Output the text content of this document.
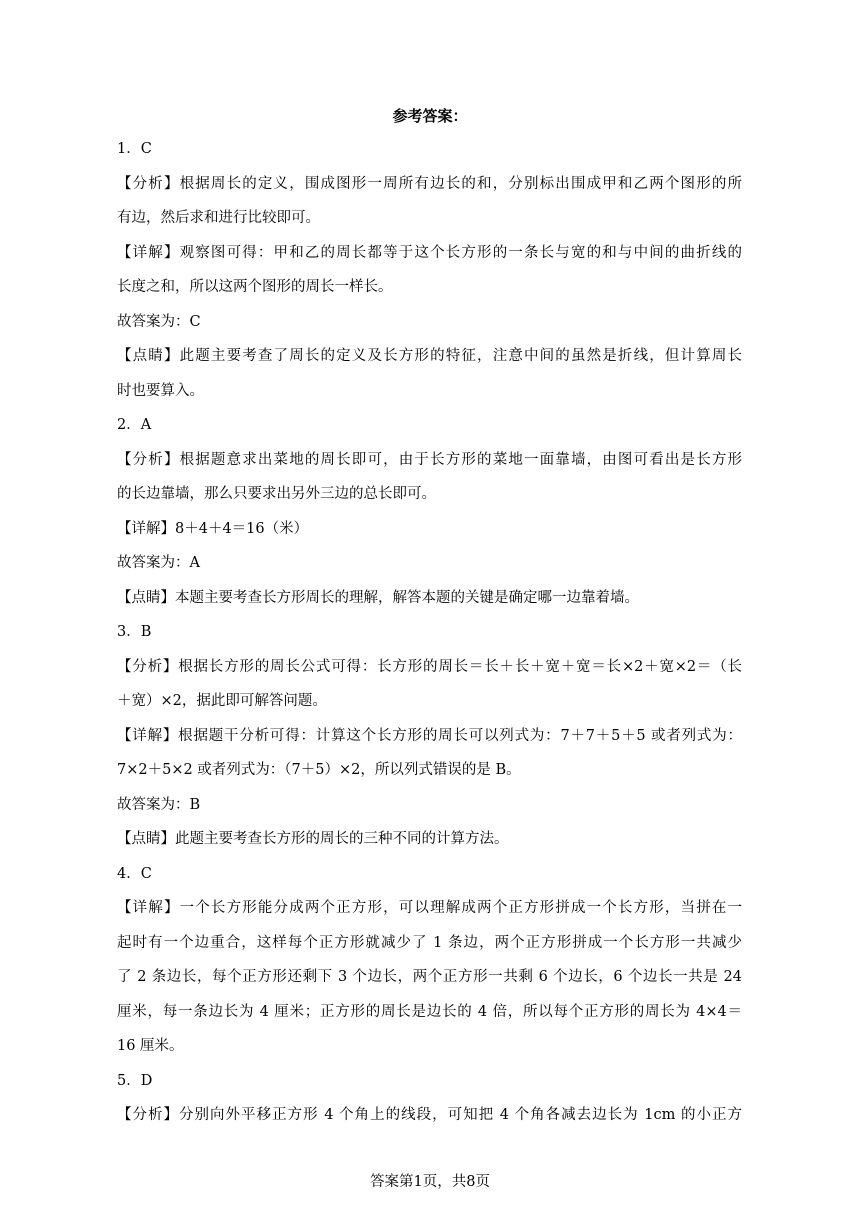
参考答案：
1．C
【分析】根据周长的定义，围成图形一周所有边长的和，分别标出围成甲和乙两个图形的所
有边，然后求和进行比较即可。
【详解】观察图可得：甲和乙的周长都等于这个长方形的一条长与宽的和与中间的曲折线的
长度之和，所以这两个图形的周长一样长。
故答案为：C
【点睛】此题主要考查了周长的定义及长方形的特征，注意中间的虽然是折线，但计算周长
时也要算入。
2．A
【分析】根据题意求出菜地的周长即可，由于长方形的菜地一面靠墙，由图可看出是长方形
的长边靠墙，那么只要求出另外三边的总长即可。
【详解】8＋4＋4＝16（米）
故答案为：A
【点睛】本题主要考查长方形周长的理解，解答本题的关键是确定哪一边靠着墙。
3．B
【分析】根据长方形的周长公式可得：长方形的周长＝长＋长＋宽＋宽＝长×2＋宽×2＝（长
＋宽）×2，据此即可解答问题。
【详解】根据题干分析可得：计算这个长方形的周长可以列式为：7＋7＋5＋5 或者列式为：
7×2＋5×2 或者列式为：（7＋5）×2，所以列式错误的是 B。
故答案为：B
【点睛】此题主要考查长方形的周长的三种不同的计算方法。
4．C
【详解】一个长方形能分成两个正方形，可以理解成两个正方形拼成一个长方形，当拼在一
起时有一个边重合，这样每个正方形就减少了 1 条边，两个正方形拼成一个长方形一共减少
了 2 条边长，每个正方形还剩下 3 个边长，两个正方形一共剩 6 个边长，6 个边长一共是 24
厘米，每一条边长为 4 厘米；正方形的周长是边长的 4 倍，所以每个正方形的周长为 4×4＝
16 厘米。
5．D
【分析】分别向外平移正方形 4 个角上的线段，可知把 4 个角各减去边长为 1cm 的小正方
答案第1页，共8页
